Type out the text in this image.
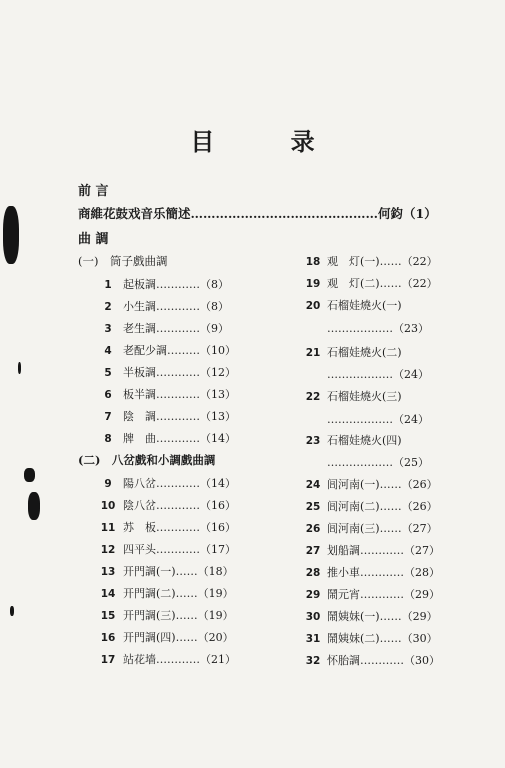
目 录
前 言
商維花鼓戏音乐簡述………………………………………何鈞（1）
曲 調
(一)　筒子戲曲調
(二)　八岔戲和小調戲曲調
1 起板調…………（8）
2 小生調…………（8）
3 老生調…………（9）
4 老配少調………（10）
5 半板調…………（12）
6 板半調…………（13）
7 陰　調…………（13）
8 牌　曲…………（14）
9 陽八岔…………（14）
10 陰八岔…………（16）
11 苏　板…………（16）
12 四平头…………（17）
13 开門調(一)……（18）
14 开門調(二)……（19）
15 开門調(三)……（19）
16 开門調(四)……（20）
17 站花墙…………（21）
18 观　灯(一)……（22）
19 观　灯(二)……（22）
20 石榴娃燒火(一)
………………（23）
21 石榴娃燒火(二)
………………（24）
22 石榴娃燒火(三)
………………（24）
23 石榴娃燒火(四)
………………（25）
24 闾河南(一)……（26）
25 闾河南(二)……（26）
26 闾河南(三)……（27）
27 划船調…………（27）
28 推小車…………（28）
29 鬧元宵…………（29）
30 鬧姨妹(一)……（29）
31 鬧姨妹(二)……（30）
32 怀胎調…………（30）
